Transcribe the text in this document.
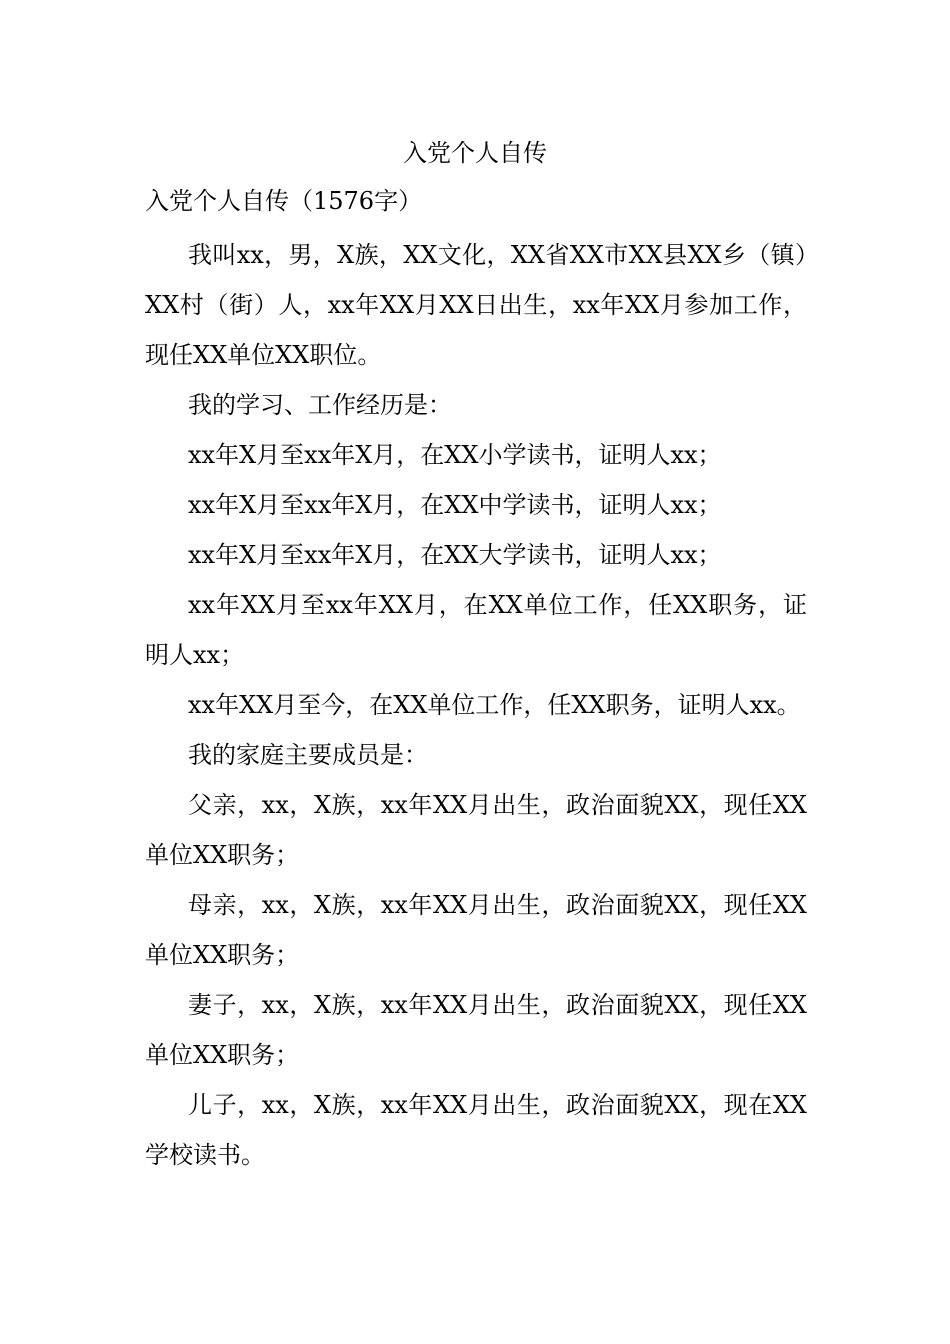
入党个人自传
入党个人自传（1576字）

我叫xx，男，X族，XX文化，XX省XX市XX县XX乡（镇）XX村（街）人，xx年XX月XX日出生，xx年XX月参加工作，现任XX单位XX职位。

我的学习、工作经历是：

xx年X月至xx年X月，在XX小学读书，证明人xx；

xx年X月至xx年X月，在XX中学读书，证明人xx；

xx年X月至xx年X月，在XX大学读书，证明人xx；

xx年XX月至xx年XX月，在XX单位工作，任XX职务，证明人xx；

xx年XX月至今，在XX单位工作，任XX职务，证明人xx。

我的家庭主要成员是：

父亲，xx，X族，xx年XX月出生，政治面貌XX，现任XX单位XX职务；

母亲，xx，X族，xx年XX月出生，政治面貌XX，现任XX单位XX职务；

妻子，xx，X族，xx年XX月出生，政治面貌XX，现任XX单位XX职务；

儿子，xx，X族，xx年XX月出生，政治面貌XX，现在XX学校读书。
